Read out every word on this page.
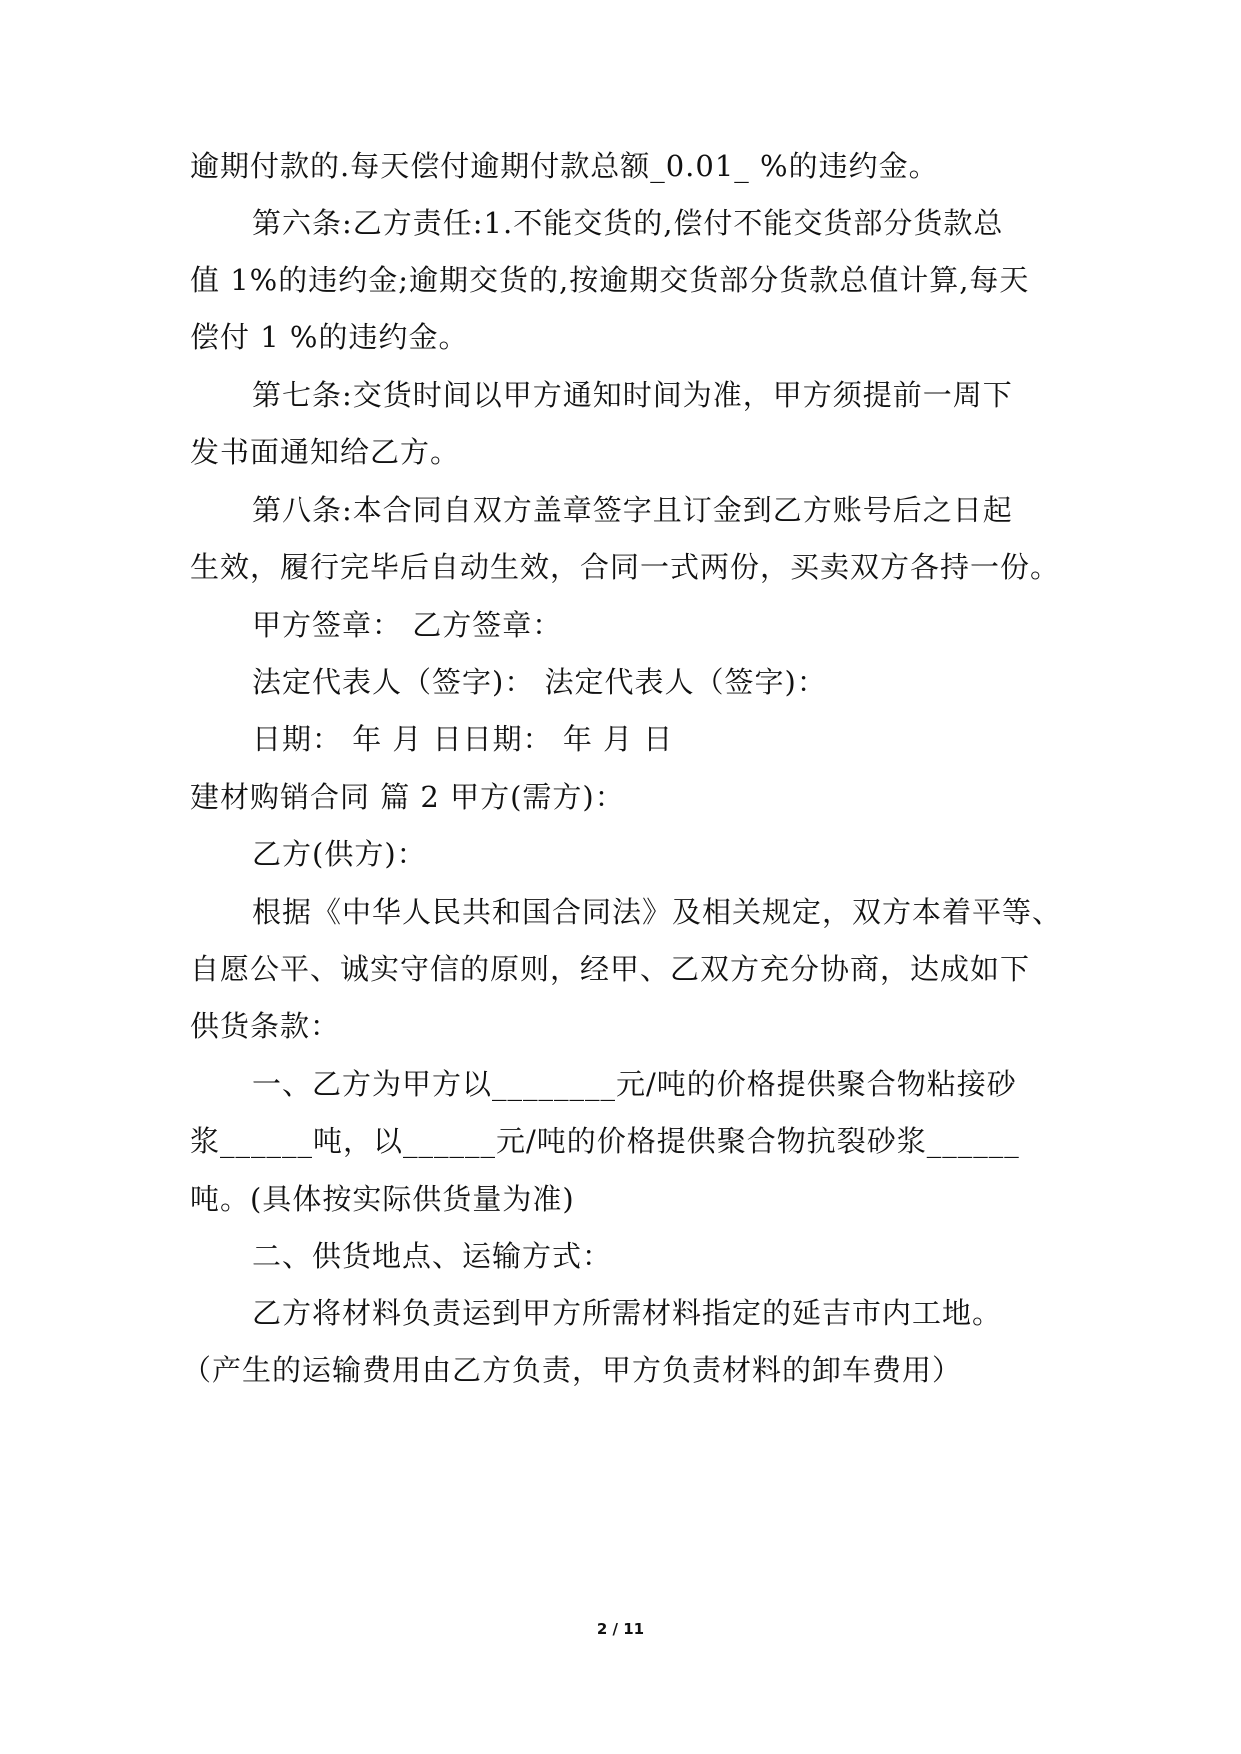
逾期付款的.每天偿付逾期付款总额_0.01_ %的违约金。
第六条:乙方责任:1.不能交货的,偿付不能交货部分货款总
值 1%的违约金;逾期交货的,按逾期交货部分货款总值计算,每天
偿付 1 %的违约金。
第七条:交货时间以甲方通知时间为准，甲方须提前一周下
发书面通知给乙方。
第八条:本合同自双方盖章签字且订金到乙方账号后之日起
生效，履行完毕后自动生效，合同一式两份，买卖双方各持一份。
甲方签章： 乙方签章：
法定代表人（签字)： 法定代表人（签字)：
日期： 年 月 日日期： 年 月 日
建材购销合同 篇 2 甲方(需方)：
乙方(供方)：
根据《中华人民共和国合同法》及相关规定，双方本着平等、
自愿公平、诚实守信的原则，经甲、乙双方充分协商，达成如下
供货条款：
一、乙方为甲方以________元/吨的价格提供聚合物粘接砂
浆______吨，以______元/吨的价格提供聚合物抗裂砂浆______
吨。(具体按实际供货量为准)
二、供货地点、运输方式：
乙方将材料负责运到甲方所需材料指定的延吉市内工地。
（产生的运输费用由乙方负责，甲方负责材料的卸车费用）
2 / 11
